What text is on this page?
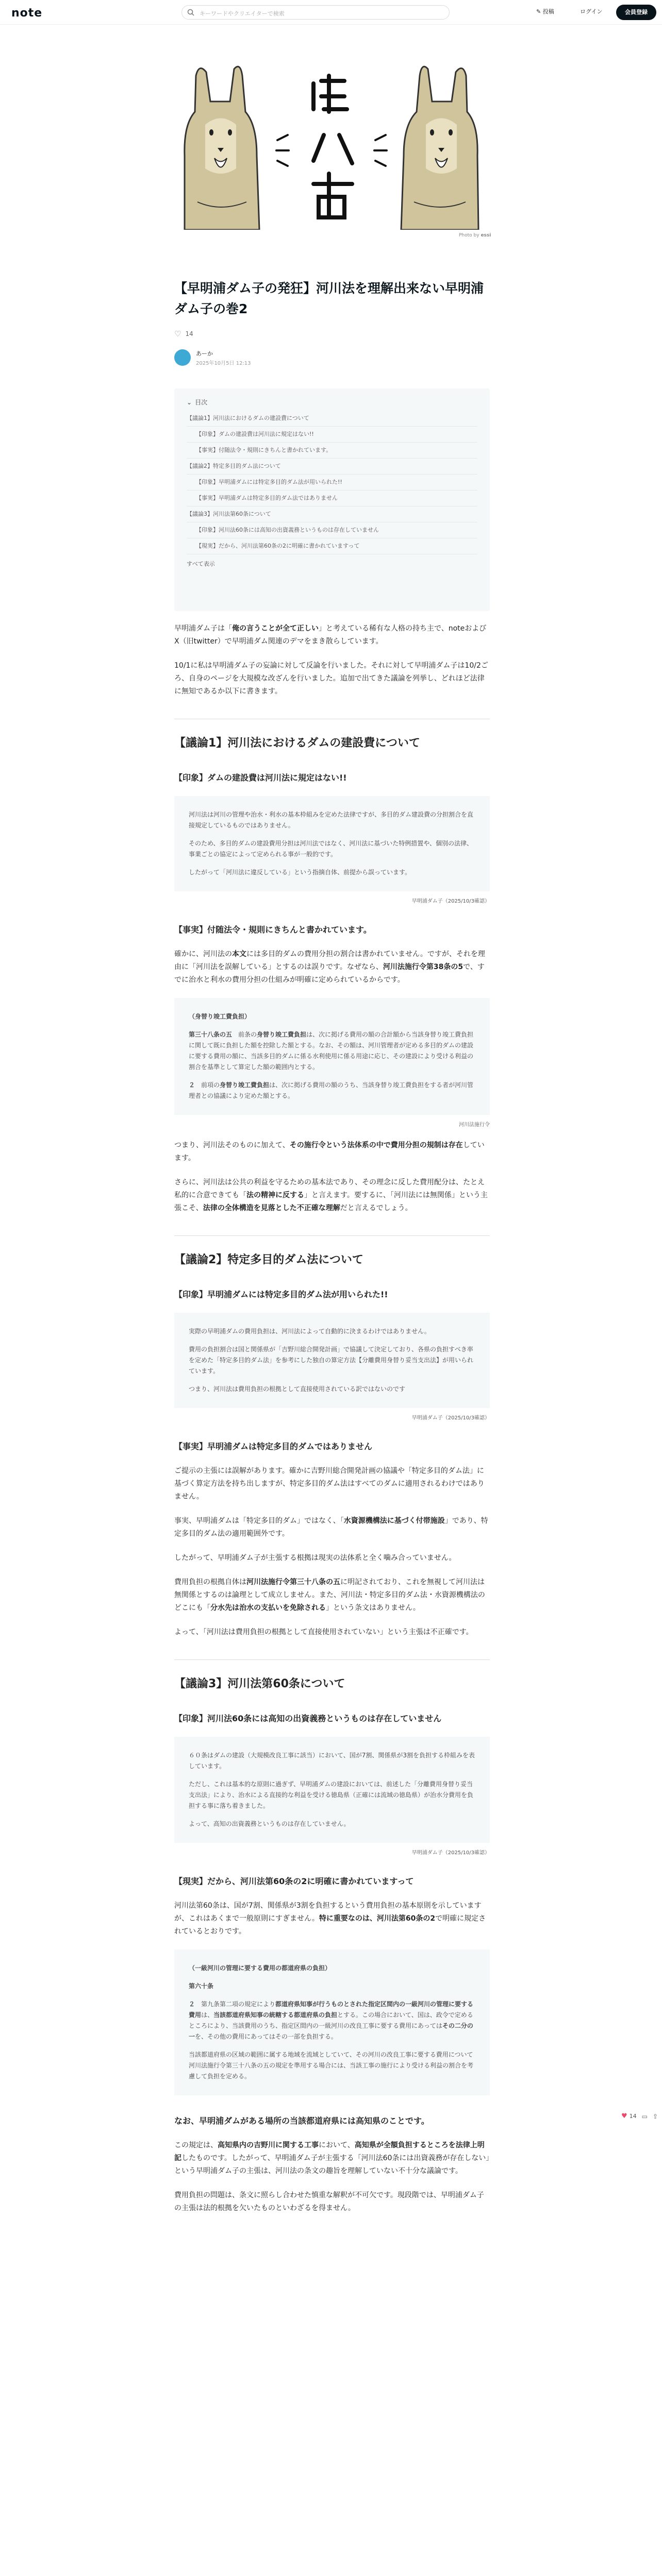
note	キーワードやクリエイターで検索	✎ 投稿	ログイン	会員登録
Photo by essi
【早明浦ダム子の発狂】河川法を理解出来ない早明浦ダム子の巻2
♡ 14
あーか
2025年10月5日 12:13
⌄ 目次
【議論1】河川法におけるダムの建設費について
【印象】ダムの建設費は河川法に規定はない!!
【事実】付随法令・規則にきちんと書かれています。
【議論2】特定多目的ダム法について
【印象】早明浦ダムには特定多目的ダム法が用いられた!!
【事実】早明浦ダムは特定多目的ダム法ではありません
【議論3】河川法第60条について
【印象】河川法60条には高知の出資義務というものは存在していません
【現実】だから、河川法第60条の2に明確に書かれていますって
すべて表示

早明浦ダム子は「俺の言うことが全て正しい」と考えている稀有な人格の持ち主で、noteおよびX（旧twitter）で早明浦ダム関連のデマをまき散らしています。

10/1に私は早明浦ダム子の妄論に対して反論を行いました。それに対して早明浦ダム子は10/2ごろ、自身のページを大規模な改ざんを行いました。追加で出てきた議論を列挙し、どれほど法律に無知であるか以下に書きます。

【議論1】河川法におけるダムの建設費について
【印象】ダムの建設費は河川法に規定はない!!

河川法は河川の管理や治水・利水の基本枠組みを定めた法律ですが、多目的ダム建設費の分担割合を直接規定しているものではありません。

そのため、多目的ダムの建設費用分担は河川法ではなく、河川法に基づいた特例措置や、個別の法律、事業ごとの協定によって定められる事が一般的です。

したがって「河川法に違反している」という指摘自体、前提から誤っています。

早明浦ダム子（2025/10/3確認）
【事実】付随法令・規則にきちんと書かれています。

確かに、河川法の本文には多目的ダムの費用分担の割合は書かれていません。ですが、それを理由に「河川法を誤解している」とするのは誤りです。なぜなら、河川法施行令第38条の5で、すでに治水と利水の費用分担の仕組みが明確に定められているからです。

（身替り竣工費負担）

第三十八条の五　前条の身替り竣工費負担は、次に掲げる費用の額の合計額から当該身替り竣工費負担に関して既に負担した額を控除した額とする。なお、その額は、河川管理者が定める多目的ダムの建設に要する費用の額に、当該多目的ダムに係る水利使用に係る用途に応じ、その建設により受ける利益の割合を基準として算定した額の範囲内とする。

２　前項の身替り竣工費負担は、次に掲げる費用の額のうち、当該身替り竣工費負担をする者が河川管理者との協議により定めた額とする。

河川法施行令

つまり、河川法そのものに加えて、その施行令という法体系の中で費用分担の規制は存在しています。

さらに、河川法は公共の利益を守るための基本法であり、その理念に反した費用配分は、たとえ私的に合意できても「法の精神に反する」と言えます。要するに、「河川法には無関係」という主張こそ、法律の全体構造を見落とした不正確な理解だと言えるでしょう。

【議論2】特定多目的ダム法について
【印象】早明浦ダムには特定多目的ダム法が用いられた!!

実際の早明浦ダムの費用負担は、河川法によって自動的に決まるわけではありません。

費用の負担割合は国と関係県が「吉野川総合開発計画」で協議して決定しており、各県の負担すべき率を定めた「特定多目的ダム法」を参考にした独自の算定方法【分離費用身替り妥当支出法】が用いられています。

つまり、河川法は費用負担の根拠として直接使用されている訳ではないのです

早明浦ダム子（2025/10/3確認）
【事実】早明浦ダムは特定多目的ダムではありません

ご提示の主張には誤解があります。確かに吉野川総合開発計画の協議や「特定多目的ダム法」に基づく算定方法を持ち出しますが、特定多目的ダム法はすべてのダムに適用されるわけではありません。

事実、早明浦ダムは「特定多目的ダム」ではなく、「水資源機構法に基づく付帯施設」であり、特定多目的ダム法の適用範囲外です。

したがって、早明浦ダム子が主張する根拠は現実の法体系と全く噛み合っていません。

費用負担の根拠自体は河川法施行令第三十八条の五に明記されており、これを無視して河川法は無関係とするのは論理として成立しません。また、河川法・特定多目的ダム法・水資源機構法のどこにも「分水先は治水の支払いを免除される」という条文はありません。

よって、「河川法は費用負担の根拠として直接使用されていない」という主張は不正確です。

【議論3】河川法第60条について
【印象】河川法60条には高知の出資義務というものは存在していません

６０条はダムの建設（大規模改良工事に該当）において、国が7割、関係県が3割を負担する枠組みを表しています。

ただし、これは基本的な原則に過ぎず、早明浦ダムの建設においては、前述した「分離費用身替り妥当支出法」により、治水による直接的な利益を受ける徳島県（正確には流域の徳島県）が治水分費用を負担する事に落ち着きました。

よって、高知の出資義務というものは存在していません。

早明浦ダム子（2025/10/3確認）
【現実】だから、河川法第60条の2に明確に書かれていますって

河川法第60条は、国が7割、関係県が3割を負担するという費用負担の基本原則を示していますが、これはあくまで一般原則にすぎません。特に重要なのは、河川法第60条の2で明確に規定されているとおりです。

（一級河川の管理に要する費用の都道府県の負担）

第六十条

２　第九条第二項の規定により都道府県知事が行うものとされた指定区間内の一級河川の管理に要する費用は、当該都道府県知事の統轄する都道府県の負担とする。この場合において、国は、政令で定めるところにより、当該費用のうち、指定区間内の一級河川の改良工事に要する費用にあってはその二分の一を、その他の費用にあってはその一部を負担する。

当該都道府県の区域の範囲に属する地域を流域としていて、その河川の改良工事に要する費用について河川法施行令第三十八条の五の規定を準用する場合には、当該工事の施行により受ける利益の割合を考慮して負担を定める。

なお、早明浦ダムがある場所の当該都道府県には高知県のことです。

この規定は、高知県内の吉野川に関する工事において、高知県が全額負担するところを法律上明記したものです。したがって、早明浦ダム子が主張する「河川法60条には出資義務が存在しない」という早明浦ダム子の主張は、河川法の条文の趣旨を理解していない不十分な議論です。

費用負担の問題は、条文に照らし合わせた慎重な解釈が不可欠です。現段階では、早明浦ダム子の主張は法的根拠を欠いたものといわざるを得ません。

♥ 14 ▭ ⇪
